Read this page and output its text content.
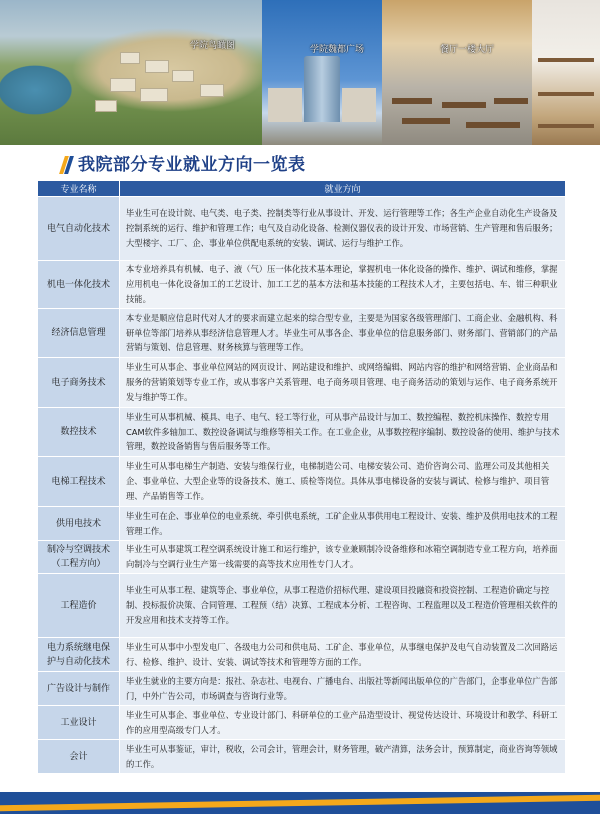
学院鸟瞰图	学院魏都广场	餐厅一楼大厅
我院部分专业就业方向一览表
专业名称	就业方向
电气自动化技术	毕业生可在设计院、电气类、电子类、控制类等行业从事设计、开发、运行管理等工作；各生产企业自动化生产设备及控制系统的运行、维护和管理工作；电气及自动化设备、检测仪器仪表的设计开发、市场营销、生产管理和售后服务；大型楼宇、工厂、企、事业单位供配电系统的安装、调试、运行与维护工作。
机电一体化技术	本专业培养具有机械、电子、液（气）压一体化技术基本理论，掌握机电一体化设备的操作、维护、调试和维修，掌握应用机电一体化设备加工的工艺设计、加工工艺的基本方法和基本技能的工程技术人才，主要包括电、车、钳三种职业技能。
经济信息管理	本专业是顺应信息时代对人才的要求而建立起来的综合型专业，主要是为国家各级管理部门、工商企业、金融机构、科研单位等部门培养从事经济信息管理人才。毕业生可从事各企、事业单位的信息服务部门、财务部门、营销部门的产品营销与策划、信息管理、财务核算与管理等工作。
电子商务技术	毕业生可从事企、事业单位网站的网页设计、网站建设和维护、或网络编辑、网站内容的维护和网络营销、企业商品和服务的营销策划等专业工作，或从事客户关系管理、电子商务项目管理、电子商务活动的策划与运作、电子商务系统开发与维护等工作。
数控技术	毕业生可从事机械、模具、电子、电气、轻工等行业，可从事产品设计与加工、数控编程、数控机床操作、数控专用CAM软件多轴加工、数控设备调试与维修等相关工作。在工业企业，从事数控程序编制、数控设备的使用、维护与技术管理，数控设备销售与售后服务等工作。
电梯工程技术	毕业生可从事电梯生产制造、安装与维保行业，电梯制造公司、电梯安装公司、造价咨询公司、监理公司及其他相关企、事业单位、大型企业等的设备技术、施工、质检等岗位。具体从事电梯设备的安装与调试、检修与维护、项目管理、产品销售等工作。
供用电技术	毕业生可在企、事业单位的电业系统、牵引供电系统，工矿企业从事供用电工程设计、安装、维护及供用电技术的工程管理工作。
制冷与空调技术
（工程方向）	毕业生可从事建筑工程空调系统设计施工和运行维护，该专业兼顾制冷设备维修和冰箱空调制造专业工程方向，培养面向制冷与空调行业生产第一线需要的高等技术应用性专门人才。
工程造价	毕业生可从事工程、建筑等企、事业单位，从事工程造价招标代理、建设项目投融资和投资控制、工程造价确定与控制、投标报价决策、合同管理、工程预（结）决算、工程成本分析、工程咨询、工程监理以及工程造价管理相关软件的开发应用和技术支持等工作。
电力系统继电保
护与自动化技术	毕业生可从事中小型发电厂、各级电力公司和供电局、工矿企、事业单位，从事继电保护及电气自动装置及二次回路运行、检修、维护、设计、安装、调试等技术和管理等方面的工作。
广告设计与制作	毕业生就业的主要方向是：报社、杂志社、电视台、广播电台、出版社等新闻出版单位的广告部门，企事业单位广告部门，中外广告公司，市场调查与咨询行业等。
工业设计	毕业生可从事企、事业单位、专业设计部门、科研单位的工业产品造型设计、视觉传达设计、环境设计和教学、科研工作的应用型高级专门人才。
会计	毕业生可从事鉴证，审计，税收，公司会计，管理会计，财务管理，破产清算，法务会计，预算制定，商业咨询等领域的工作。
